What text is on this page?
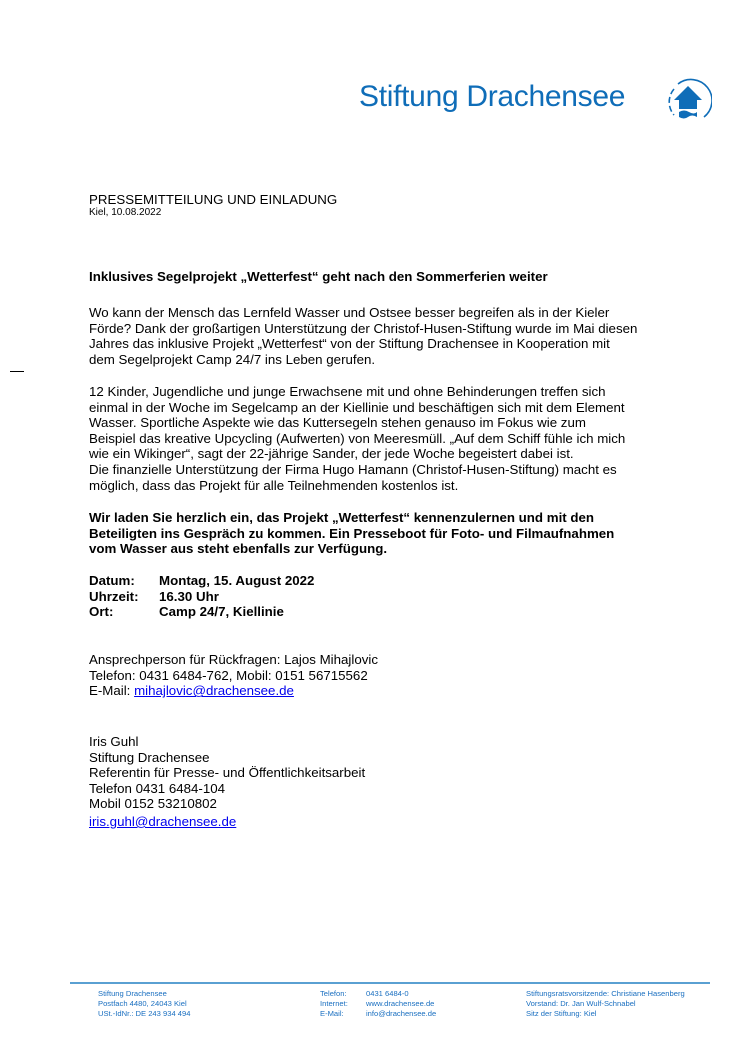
Stiftung Drachensee
PRESSEMITTEILUNG UND EINLADUNG
Kiel, 10.08.2022
Inklusives Segelprojekt „Wetterfest“ geht nach den Sommerferien weiter
Wo kann der Mensch das Lernfeld Wasser und Ostsee besser begreifen als in der Kieler
Förde? Dank der großartigen Unterstützung der Christof-Husen-Stiftung wurde im Mai diesen
Jahres das inklusive Projekt „Wetterfest“ von der Stiftung Drachensee in Kooperation mit
dem Segelprojekt Camp 24/7 ins Leben gerufen.
12 Kinder, Jugendliche und junge Erwachsene mit und ohne Behinderungen treffen sich
einmal in der Woche im Segelcamp an der Kiellinie und beschäftigen sich mit dem Element
Wasser. Sportliche Aspekte wie das Kuttersegeln stehen genauso im Fokus wie zum
Beispiel das kreative Upcycling (Aufwerten) von Meeresmüll. „Auf dem Schiff fühle ich mich
wie ein Wikinger“, sagt der 22-jährige Sander, der jede Woche begeistert dabei ist.
Die finanzielle Unterstützung der Firma Hugo Hamann (Christof-Husen-Stiftung) macht es
möglich, dass das Projekt für alle Teilnehmenden kostenlos ist.
Wir laden Sie herzlich ein, das Projekt „Wetterfest“ kennenzulernen und mit den
Beteiligten ins Gespräch zu kommen. Ein Presseboot für Foto- und Filmaufnahmen
vom Wasser aus steht ebenfalls zur Verfügung.
Datum: Montag, 15. August 2022
Uhrzeit: 16.30 Uhr
Ort:	Camp 24/7, Kiellinie
Ansprechperson für Rückfragen: Lajos Mihajlovic
Telefon: 0431 6484-762, Mobil: 0151 56715562
E-Mail: mihajlovic@drachensee.de
Iris Guhl
Stiftung Drachensee
Referentin für Presse- und Öffentlichkeitsarbeit
Telefon 0431 6484-104
Mobil 0152 53210802
iris.guhl@drachensee.de
Stiftung Drachensee
Postfach 4480, 24043 Kiel
USt.-IdNr.: DE 243 934 494
Telefon:	0431 6484-0
Internet:	www.drachensee.de
E-Mail:	info@drachensee.de
Stiftungsratsvorsitzende: Christiane Hasenberg
Vorstand: Dr. Jan Wulf-Schnabel
Sitz der Stiftung: Kiel
